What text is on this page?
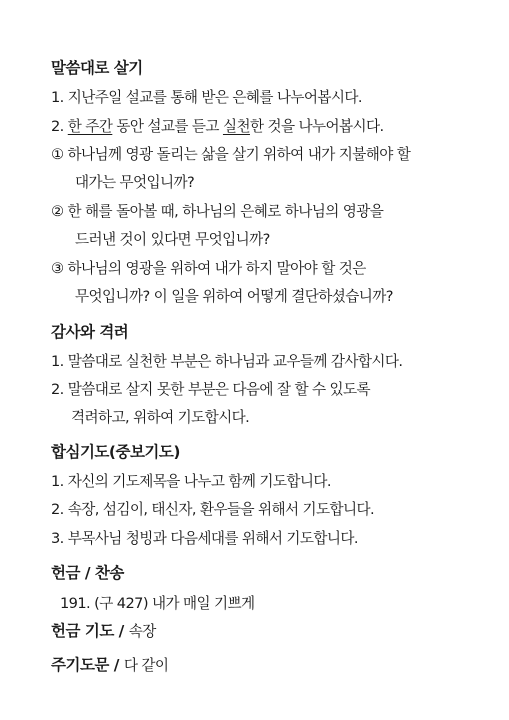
말씀대로 살기
1. 지난주일 설교를 통해 받은 은혜를 나누어봅시다.
2. 한 주간 동안 설교를 듣고 실천한 것을 나누어봅시다.
① 하나님께 영광 돌리는 삶을 살기 위하여 내가 지불해야 할
대가는 무엇입니까?
② 한 해를 돌아볼 때, 하나님의 은혜로 하나님의 영광을
드러낸 것이 있다면 무엇입니까?
③ 하나님의 영광을 위하여 내가 하지 말아야 할 것은
무엇입니까? 이 일을 위하여 어떻게 결단하셨습니까?
감사와 격려
1. 말씀대로 실천한 부분은 하나님과 교우들께 감사합시다.
2. 말씀대로 살지 못한 부분은 다음에 잘 할 수 있도록
격려하고, 위하여 기도합시다.
합심기도(중보기도)
1. 자신의 기도제목을 나누고 함께 기도합니다.
2. 속장, 섬김이, 태신자, 환우들을 위해서 기도합니다.
3. 부목사님 청빙과 다음세대를 위해서 기도합니다.
헌금 / 찬송
191. (구 427) 내가 매일 기쁘게
헌금 기도 / 속장
주기도문 / 다 같이
